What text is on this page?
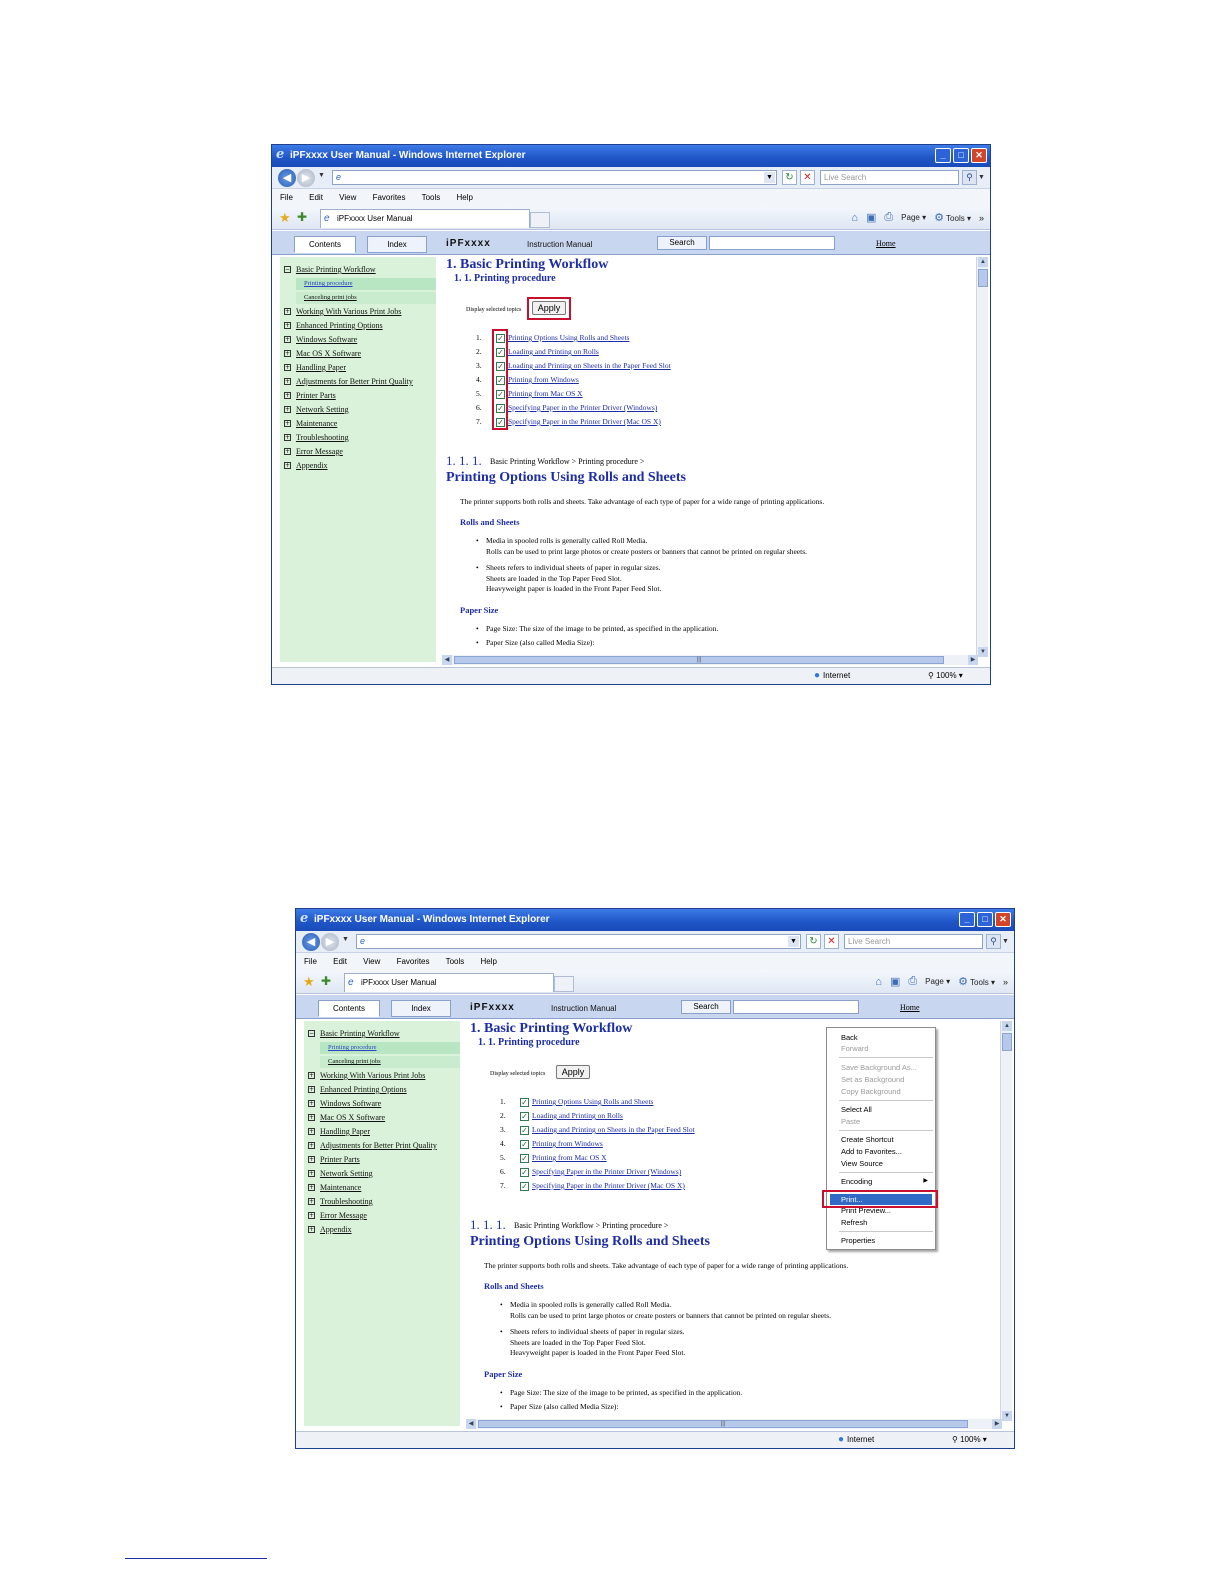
e iPFxxxx User Manual - Windows Internet Explorer	_	□	✕
◀ ▶	▼ e	▼	↻ ✕	Live Search	⚲ ▼
File Edit View Favorites Tools Help
★ ✚ e iPFxxxx User Manual	⌂ ▣ ⎙ Page ▾ ⚙ Tools ▾ »
Contents	Index	iPFxxxx	Instruction Manual	Search	Home
− Basic Printing Workflow
Printing procedure
Canceling print jobs
+ Working With Various Print Jobs
+ Enhanced Printing Options
+ Windows Software
+ Mac OS X Software
+ Handling Paper
+ Adjustments for Better Print Quality
+ Printer Parts
+ Network Setting
+ Maintenance
+ Troubleshooting
+ Error Message
+ Appendix
1. Basic Printing Workflow
1. 1. Printing procedure
Display selected topics	Apply
1. ✓ Printing Options Using Rolls and Sheets
2. ✓ Loading and Printing on Rolls
3. ✓ Loading and Printing on Sheets in the Paper Feed Slot
4. ✓ Printing from Windows
5. ✓ Printing from Mac OS X
6. ✓ Specifying Paper in the Printer Driver (Windows)
7. ✓ Specifying Paper in the Printer Driver (Mac OS X)
1. 1. 1. Basic Printing Workflow > Printing procedure >
Printing Options Using Rolls and Sheets
The printer supports both rolls and sheets. Take advantage of each type of paper for a wide range of printing applications.
Rolls and Sheets
• Media in spooled rolls is generally called Roll Media.
Rolls can be used to print large photos or create posters or banners that cannot be printed on regular sheets.
• Sheets refers to individual sheets of paper in regular sizes.
Sheets are loaded in the Top Paper Feed Slot.
Heavyweight paper is loaded in the Front Paper Feed Slot.
Paper Size
• Page Size: The size of the image to be printed, as specified in the application.
• Paper Size (also called Media Size):
▲
▼
◀	|||	▶
● Internet	⚲ 100% ▾
e iPFxxxx User Manual - Windows Internet Explorer	_	□	✕
◀ ▶	▼ e	▼	↻ ✕	Live Search	⚲ ▼
File Edit View Favorites Tools Help
★ ✚ e iPFxxxx User Manual	⌂ ▣ ⎙ Page ▾ ⚙ Tools ▾ »
Contents	Index	iPFxxxx	Instruction Manual	Search	Home
− Basic Printing Workflow
Printing procedure
Canceling print jobs
+ Working With Various Print Jobs
+ Enhanced Printing Options
+ Windows Software
+ Mac OS X Software
+ Handling Paper
+ Adjustments for Better Print Quality
+ Printer Parts
+ Network Setting
+ Maintenance
+ Troubleshooting
+ Error Message
+ Appendix
1. Basic Printing Workflow
1. 1. Printing procedure
Display selected topics	Apply
1. ✓ Printing Options Using Rolls and Sheets
2. ✓ Loading and Printing on Rolls
3. ✓ Loading and Printing on Sheets in the Paper Feed Slot
4. ✓ Printing from Windows
5. ✓ Printing from Mac OS X
6. ✓ Specifying Paper in the Printer Driver (Windows)
7. ✓ Specifying Paper in the Printer Driver (Mac OS X)
1. 1. 1. Basic Printing Workflow > Printing procedure >
Printing Options Using Rolls and Sheets
The printer supports both rolls and sheets. Take advantage of each type of paper for a wide range of printing applications.
Rolls and Sheets
• Media in spooled rolls is generally called Roll Media.
Rolls can be used to print large photos or create posters or banners that cannot be printed on regular sheets.
• Sheets refers to individual sheets of paper in regular sizes.
Sheets are loaded in the Top Paper Feed Slot.
Heavyweight paper is loaded in the Front Paper Feed Slot.
Paper Size
• Page Size: The size of the image to be printed, as specified in the application.
• Paper Size (also called Media Size):
▲
▼
◀	|||	▶
Back
Forward
Save Background As...
Set as Background
Copy Background
Select All
Paste
Create Shortcut
Add to Favorites...
View Source
Encoding	▶
Print...
Print Preview...
Refresh
Properties
● Internet	⚲ 100% ▾
